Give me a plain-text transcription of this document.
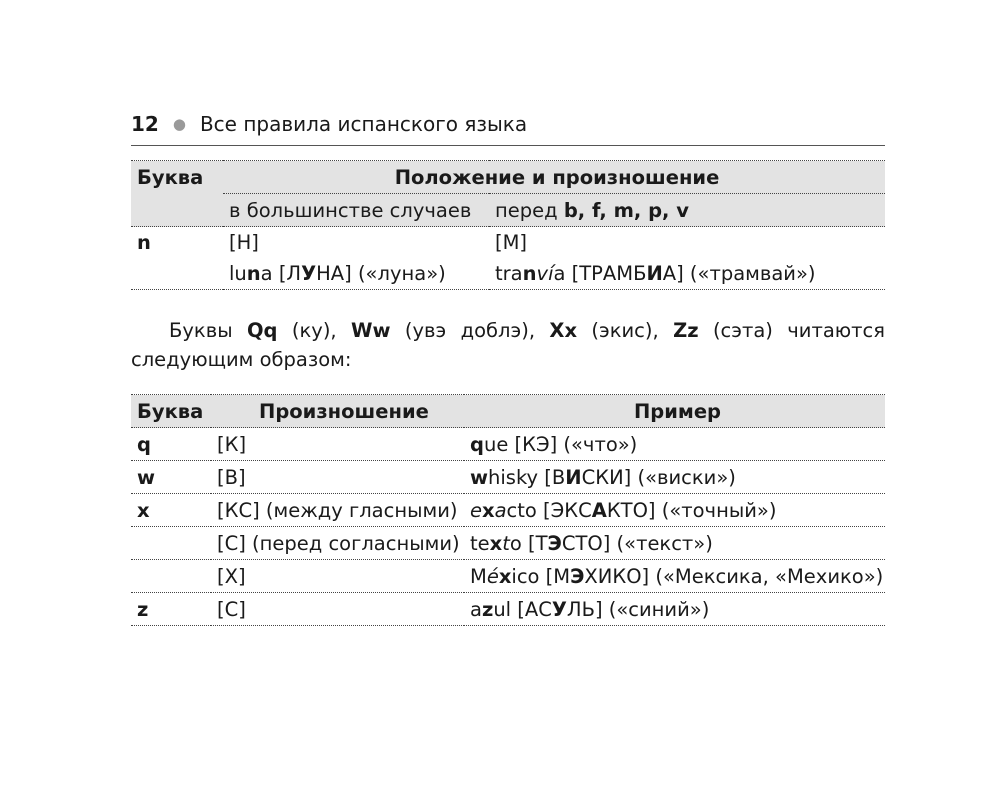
12 ● Все правила испанского языка
Буква	Положение и произношение	
	в большинстве случаев	перед b, f, m, p, v
n	[Н]	[М]
	luna [ЛУНА] («луна»)	tranvía [ТРАМБИА] («трамвай»)
Буквы Qq (ку), Ww (увэ доблэ), Xx (экис), Zz (сэта) читаются следующим образом:
Буква	Произношение	Пример
q	[К]	que [КЭ] («что»)
w	[В]	whisky [ВИСКИ] («виски»)
x	[КС] (между гласными)	exacto [ЭКСАКТО] («точный»)
	[С] (перед согласными)	texto [ТЭСТО] («текст»)
	[Х]	México [МЭХИКО] («Мексика, «Мехико»)
z	[С]	azul [АСУЛЬ] («синий»)
